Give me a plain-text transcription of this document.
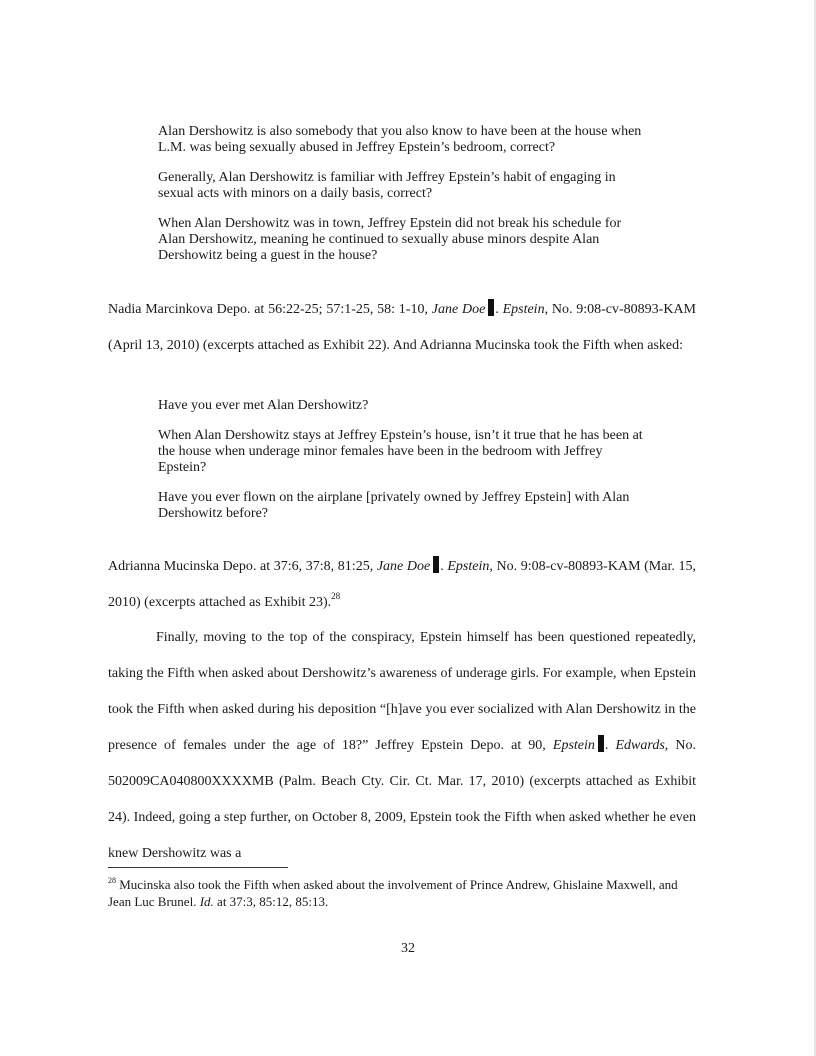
Alan Dershowitz is also somebody that you also know to have been at the house when L.M. was being sexually abused in Jeffrey Epstein’s bedroom, correct?

Generally, Alan Dershowitz is familiar with Jeffrey Epstein’s habit of engaging in sexual acts with minors on a daily basis, correct?

When Alan Dershowitz was in town, Jeffrey Epstein did not break his schedule for Alan Dershowitz, meaning he continued to sexually abuse minors despite Alan Dershowitz being a guest in the house?

Nadia Marcinkova Depo. at 56:22-25; 57:1-25, 58: 1-10, Jane Doe . Epstein, No. 9:08-cv-80893-KAM (April 13, 2010) (excerpts attached as Exhibit 22). And Adrianna Mucinska took the Fifth when asked:

Have you ever met Alan Dershowitz?

When Alan Dershowitz stays at Jeffrey Epstein’s house, isn’t it true that he has been at the house when underage minor females have been in the bedroom with Jeffrey Epstein?

Have you ever flown on the airplane [privately owned by Jeffrey Epstein] with Alan Dershowitz before?

Adrianna Mucinska Depo. at 37:6, 37:8, 81:25, Jane Doe . Epstein, No. 9:08-cv-80893-KAM (Mar. 15, 2010) (excerpts attached as Exhibit 23).$^{28}$

Finally, moving to the top of the conspiracy, Epstein himself has been questioned repeatedly, taking the Fifth when asked about Dershowitz’s awareness of underage girls. For example, when Epstein took the Fifth when asked during his deposition “[h]ave you ever socialized with Alan Dershowitz in the presence of females under the age of 18?” Jeffrey Epstein Depo. at 90, Epstein . Edwards, No. 502009CA040800XXXXMB (Palm. Beach Cty. Cir. Ct. Mar. 17, 2010) (excerpts attached as Exhibit 24). Indeed, going a step further, on October 8, 2009, Epstein took the Fifth when asked whether he even knew Dershowitz was a

$^{28}$ Mucinska also took the Fifth when asked about the involvement of Prince Andrew, Ghislaine Maxwell, and Jean Luc Brunel. Id. at 37:3, 85:12, 85:13.

32
